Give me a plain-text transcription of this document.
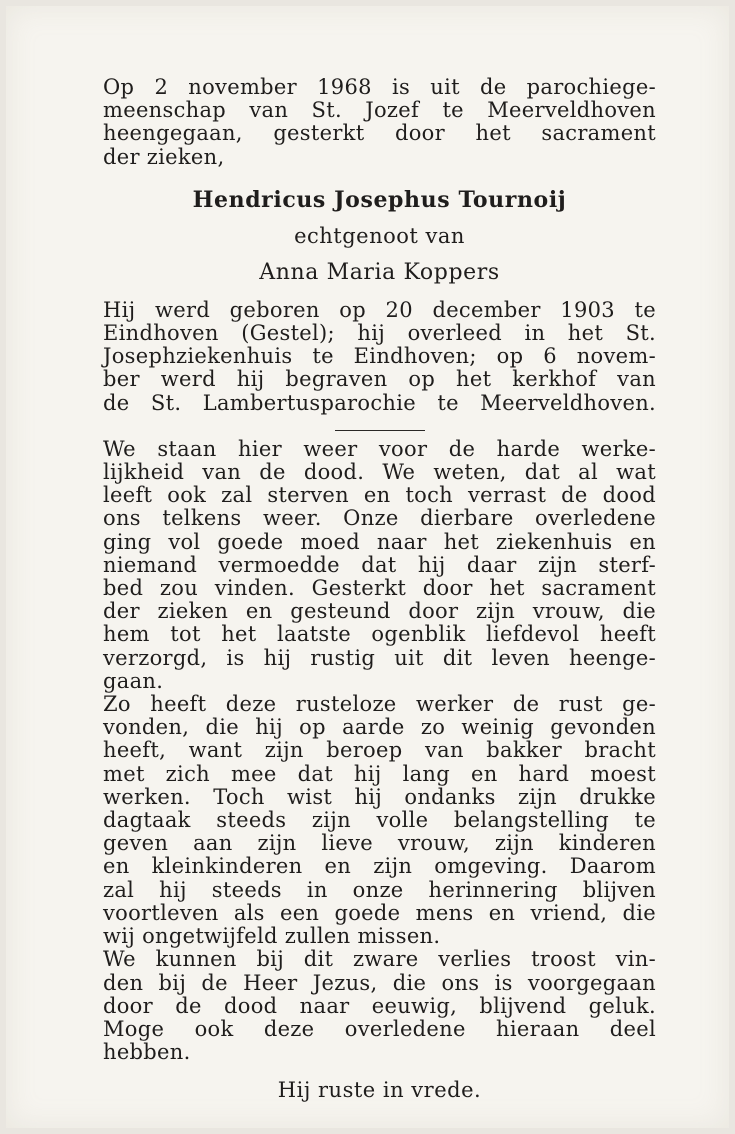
Op 2 november 1968 is uit de parochiege-
meenschap van St. Jozef te Meerveldhoven
heengegaan, gesterkt door het sacrament
der zieken,

Hendricus Josephus Tournoij
echtgenoot van
Anna Maria Koppers

Hij werd geboren op 20 december 1903 te
Eindhoven (Gestel); hij overleed in het St.
Josephziekenhuis te Eindhoven; op 6 novem-
ber werd hij begraven op het kerkhof van
de St. Lambertusparochie te Meerveldhoven.

We staan hier weer voor de harde werke-
lijkheid van de dood. We weten, dat al wat
leeft ook zal sterven en toch verrast de dood
ons telkens weer. Onze dierbare overledene
ging vol goede moed naar het ziekenhuis en
niemand vermoedde dat hij daar zijn sterf-
bed zou vinden. Gesterkt door het sacrament
der zieken en gesteund door zijn vrouw, die
hem tot het laatste ogenblik liefdevol heeft
verzorgd, is hij rustig uit dit leven heenge-
gaan.
Zo heeft deze rusteloze werker de rust ge-
vonden, die hij op aarde zo weinig gevonden
heeft, want zijn beroep van bakker bracht
met zich mee dat hij lang en hard moest
werken. Toch wist hij ondanks zijn drukke
dagtaak steeds zijn volle belangstelling te
geven aan zijn lieve vrouw, zijn kinderen
en kleinkinderen en zijn omgeving. Daarom
zal hij steeds in onze herinnering blijven
voortleven als een goede mens en vriend, die
wij ongetwijfeld zullen missen.
We kunnen bij dit zware verlies troost vin-
den bij de Heer Jezus, die ons is voorgegaan
door de dood naar eeuwig, blijvend geluk.
Moge ook deze overledene hieraan deel
hebben.

Hij ruste in vrede.
